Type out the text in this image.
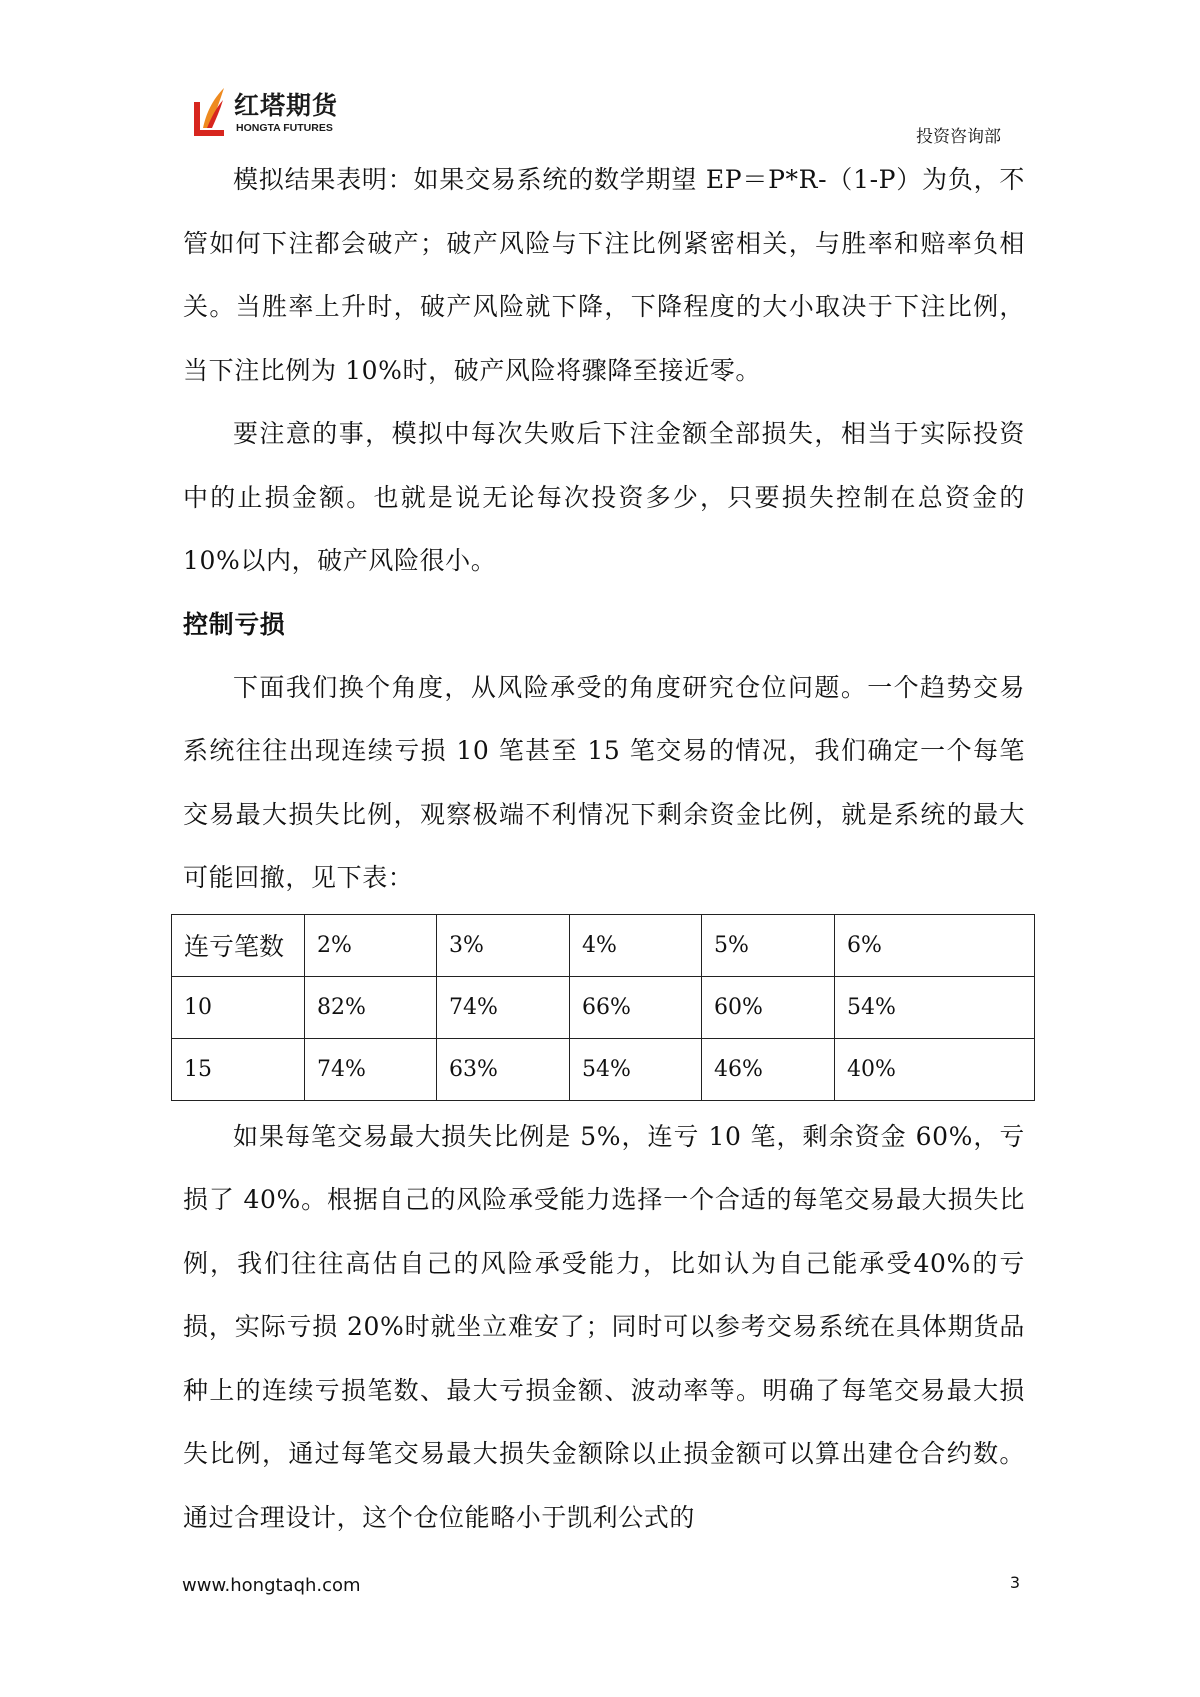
红塔期货
HONGTA FUTURES	投资咨询部

模拟结果表明：如果交易系统的数学期望 EP＝P*R-（1-P）为负，不管如何下注都会破产；破产风险与下注比例紧密相关，与胜率和赔率负相关。当胜率上升时，破产风险就下降，下降程度的大小取决于下注比例，当下注比例为 10%时，破产风险将骤降至接近零。

要注意的事，模拟中每次失败后下注金额全部损失，相当于实际投资中的止损金额。也就是说无论每次投资多少，只要损失控制在总资金的 10%以内，破产风险很小。

控制亏损

下面我们换个角度，从风险承受的角度研究仓位问题。一个趋势交易系统往往出现连续亏损 10 笔甚至 15 笔交易的情况，我们确定一个每笔交易最大损失比例，观察极端不利情况下剩余资金比例，就是系统的最大可能回撤，见下表：

连亏笔数	2%	3%	4%	5%	6%
10	82%	74%	66%	60%	54%
15	74%	63%	54%	46%	40%

如果每笔交易最大损失比例是 5%，连亏 10 笔，剩余资金 60%，亏损了 40%。根据自己的风险承受能力选择一个合适的每笔交易最大损失比例，我们往往高估自己的风险承受能力，比如认为自己能承受40%的亏损，实际亏损 20%时就坐立难安了；同时可以参考交易系统在具体期货品种上的连续亏损笔数、最大亏损金额、波动率等。明确了每笔交易最大损失比例，通过每笔交易最大损失金额除以止损金额可以算出建仓合约数。通过合理设计，这个仓位能略小于凯利公式的

www.hongtaqh.com	3
